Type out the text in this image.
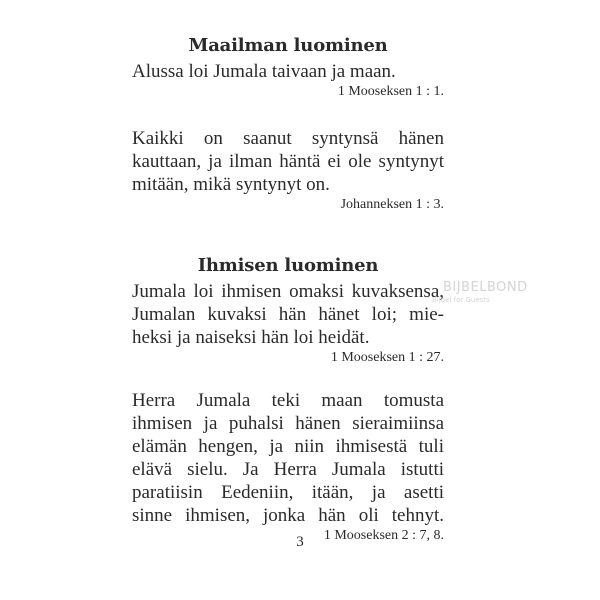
Maailman luominen

Alussa loi Jumala taivaan ja maan.

1 Mooseksen 1 : 1.

Kaikki on saanut syntynsä hänen
kauttaan, ja ilman häntä ei ole syntynyt
mitään, mikä syntynyt on.

Johanneksen 1 : 3.

Ihmisen luominen

Jumala loi ihmisen omaksi kuvaksensa,
Jumalan kuvaksi hän hänet loi; mie-
heksi ja naiseksi hän loi heidät.

1 Mooseksen 1 : 27.

Herra Jumala teki maan tomusta
ihmisen ja puhalsi hänen sieraimiinsa
elämän hengen, ja niin ihmisestä tuli
elävä sielu. Ja Herra Jumala istutti
paratiisin Eedeniin, itään, ja asetti
sinne ihmisen, jonka hän oli tehnyt.

1 Mooseksen 2 : 7, 8.

BIJBELBOND
Bijbel for Guests
3
